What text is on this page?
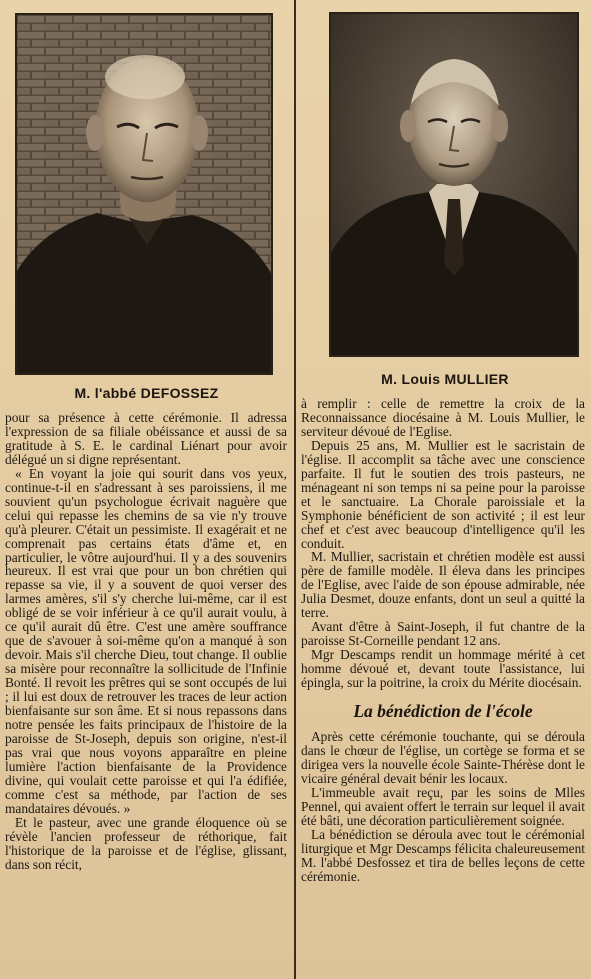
M. l'abbé DEFOSSEZ

pour sa présence à cette cérémonie. Il adressa l'expression de sa filiale obéissance et aussi de sa gratitude à S. E. le cardinal Liénart pour avoir délégué un si digne représentant.

« En voyant la joie qui sourit dans vos yeux, continue-t-il en s'adressant à ses paroissiens, il me souvient qu'un psychologue écrivait naguère que celui qui repasse les chemins de sa vie n'y trouve qu'à pleurer. C'était un pessimiste. Il exagérait et ne comprenait pas certains états d'âme et, en particulier, le vôtre aujourd'hui. Il y a des souvenirs heureux. Il est vrai que pour un bon chrétien qui repasse sa vie, il y a souvent de quoi verser des larmes amères, s'il s'y cherche lui-même, car il est obligé de se voir inférieur à ce qu'il aurait voulu, à ce qu'il aurait dû être. C'est une amère souffrance que de s'avouer à soi-même qu'on a manqué à son devoir. Mais s'il cherche Dieu, tout change. Il oublie sa misère pour reconnaître la sollicitude de l'Infinie Bonté. Il revoit les prêtres qui se sont occupés de lui ; il lui est doux de retrouver les traces de leur action bienfaisante sur son âme. Et si nous repassons dans notre pensée les faits principaux de l'histoire de la paroisse de St-Joseph, depuis son origine, n'est-il pas vrai que nous voyons apparaître en pleine lumière l'action bienfaisante de la Providence divine, qui voulait cette paroisse et qui l'a édifiée, comme c'est sa méthode, par l'action de ses mandataires dévoués. »

Et le pasteur, avec une grande éloquence où se révèle l'ancien professeur de réthorique, fait l'historique de la paroisse et de l'église, glissant, dans son récit,

M. Louis MULLIER

à remplir : celle de remettre la croix de la Reconnaissance diocésaine à M. Louis Mullier, le serviteur dévoué de l'Eglise.

Depuis 25 ans, M. Mullier est le sacristain de l'église. Il accomplit sa tâche avec une conscience parfaite. Il fut le soutien des trois pasteurs, ne ménageant ni son temps ni sa peine pour la paroisse et le sanctuaire. La Chorale paroissiale et la Symphonie bénéficient de son activité ; il est leur chef et c'est avec beaucoup d'intelligence qu'il les conduit.

M. Mullier, sacristain et chrétien modèle est aussi père de famille modèle. Il éleva dans les principes de l'Eglise, avec l'aide de son épouse admirable, née Julia Desmet, douze enfants, dont un seul a quitté la terre.

Avant d'être à Saint-Joseph, il fut chantre de la paroisse St-Corneille pendant 12 ans.

Mgr Descamps rendit un hommage mérité à cet homme dévoué et, devant toute l'assistance, lui épingla, sur la poitrine, la croix du Mérite diocésain.

La bénédiction de l'école

Après cette cérémonie touchante, qui se déroula dans le chœur de l'église, un cortège se forma et se dirigea vers la nouvelle école Sainte-Thérèse dont le vicaire général devait bénir les locaux.

L'immeuble avait reçu, par les soins de Mlles Pennel, qui avaient offert le terrain sur lequel il avait été bâti, une décoration particulièrement soignée.

La bénédiction se déroula avec tout le cérémonial liturgique et Mgr Descamps félicita chaleureusement M. l'abbé Desfossez et tira de belles leçons de cette cérémonie.
